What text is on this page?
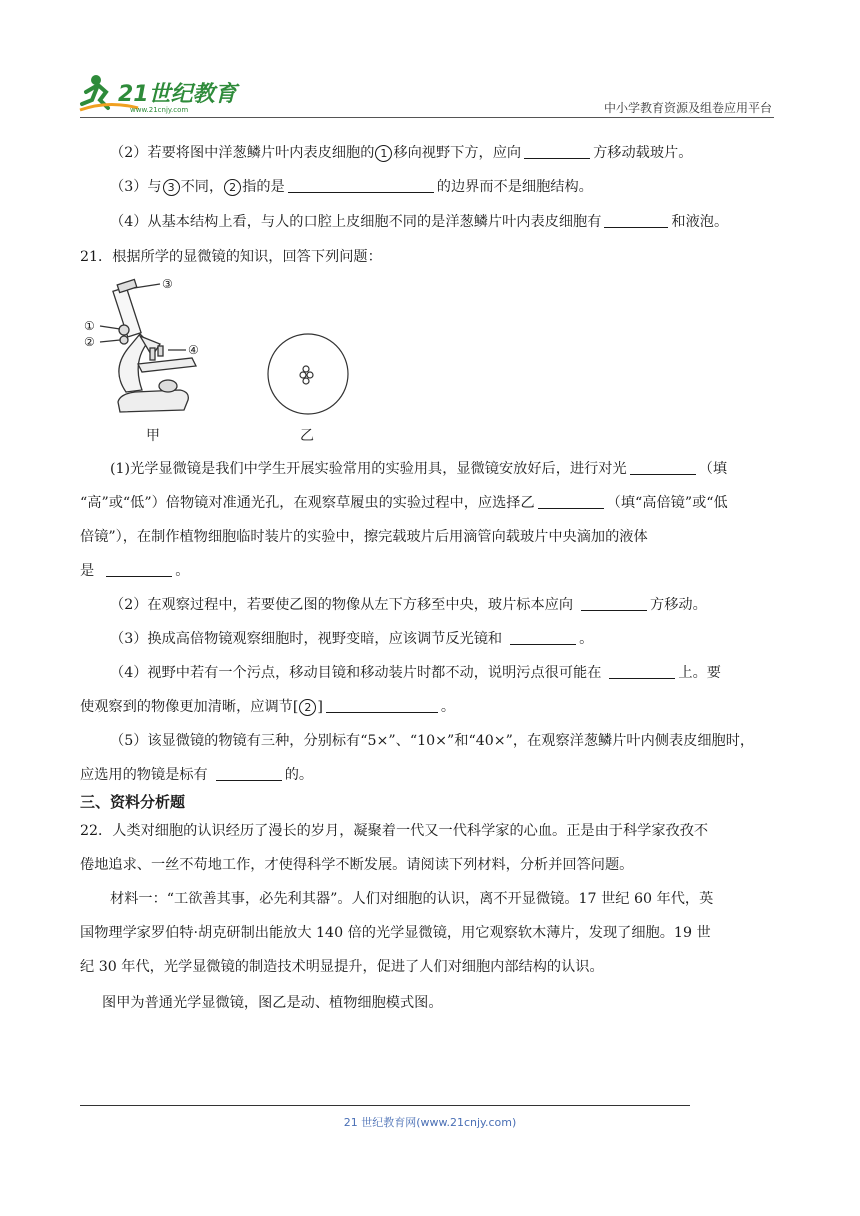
21世纪教育
www.21cnjy.com	中小学教育资源及组卷应用平台
（2）若要将图中洋葱鳞片叶内表皮细胞的 1 移向视野下方，应向	方移动载玻片。
（3）与 3 不同， 2 指的是	的边界而不是细胞结构。
（4）从基本结构上看，与人的口腔上皮细胞不同的是洋葱鳞片叶内表皮细胞有	和液泡。
21．根据所学的显微镜的知识，回答下列问题：
③
①
②
④
甲	乙
(1)光学显微镜是我们中学生开展实验常用的实验用具，显微镜安放好后，进行对光	（填
“高”或“低”）倍物镜对准通光孔，在观察草履虫的实验过程中，应选择乙	（填“高倍镜”或“低
倍镜”），在制作植物细胞临时装片的实验中，擦完载玻片后用滴管向载玻片中央滴加的液体
是	。
（2）在观察过程中，若要使乙图的物像从左下方移至中央，玻片标本应向	方移动。
（3）换成高倍物镜观察细胞时，视野变暗，应该调节反光镜和	。
（4）视野中若有一个污点，移动目镜和移动装片时都不动，说明污点很可能在	上。要
使观察到的物像更加清晰，应调节[ 2 ]	。
（5）该显微镜的物镜有三种，分别标有“5×”、“10×”和“40×”，在观察洋葱鳞片叶内侧表皮细胞时，
应选用的物镜是标有	的。
三、资料分析题
22．人类对细胞的认识经历了漫长的岁月，凝聚着一代又一代科学家的心血。正是由于科学家孜孜不
倦地追求、一丝不苟地工作，才使得科学不断发展。请阅读下列材料，分析并回答问题。
材料一：“工欲善其事，必先利其器”。人们对细胞的认识，离不开显微镜。17 世纪 60 年代，英
国物理学家罗伯特·胡克研制出能放大 140 倍的光学显微镜，用它观察软木薄片，发现了细胞。19 世
纪 30 年代，光学显微镜的制造技术明显提升，促进了人们对细胞内部结构的认识。
图甲为普通光学显微镜，图乙是动、植物细胞模式图。
21 世纪教育网(www.21cnjy.com)
